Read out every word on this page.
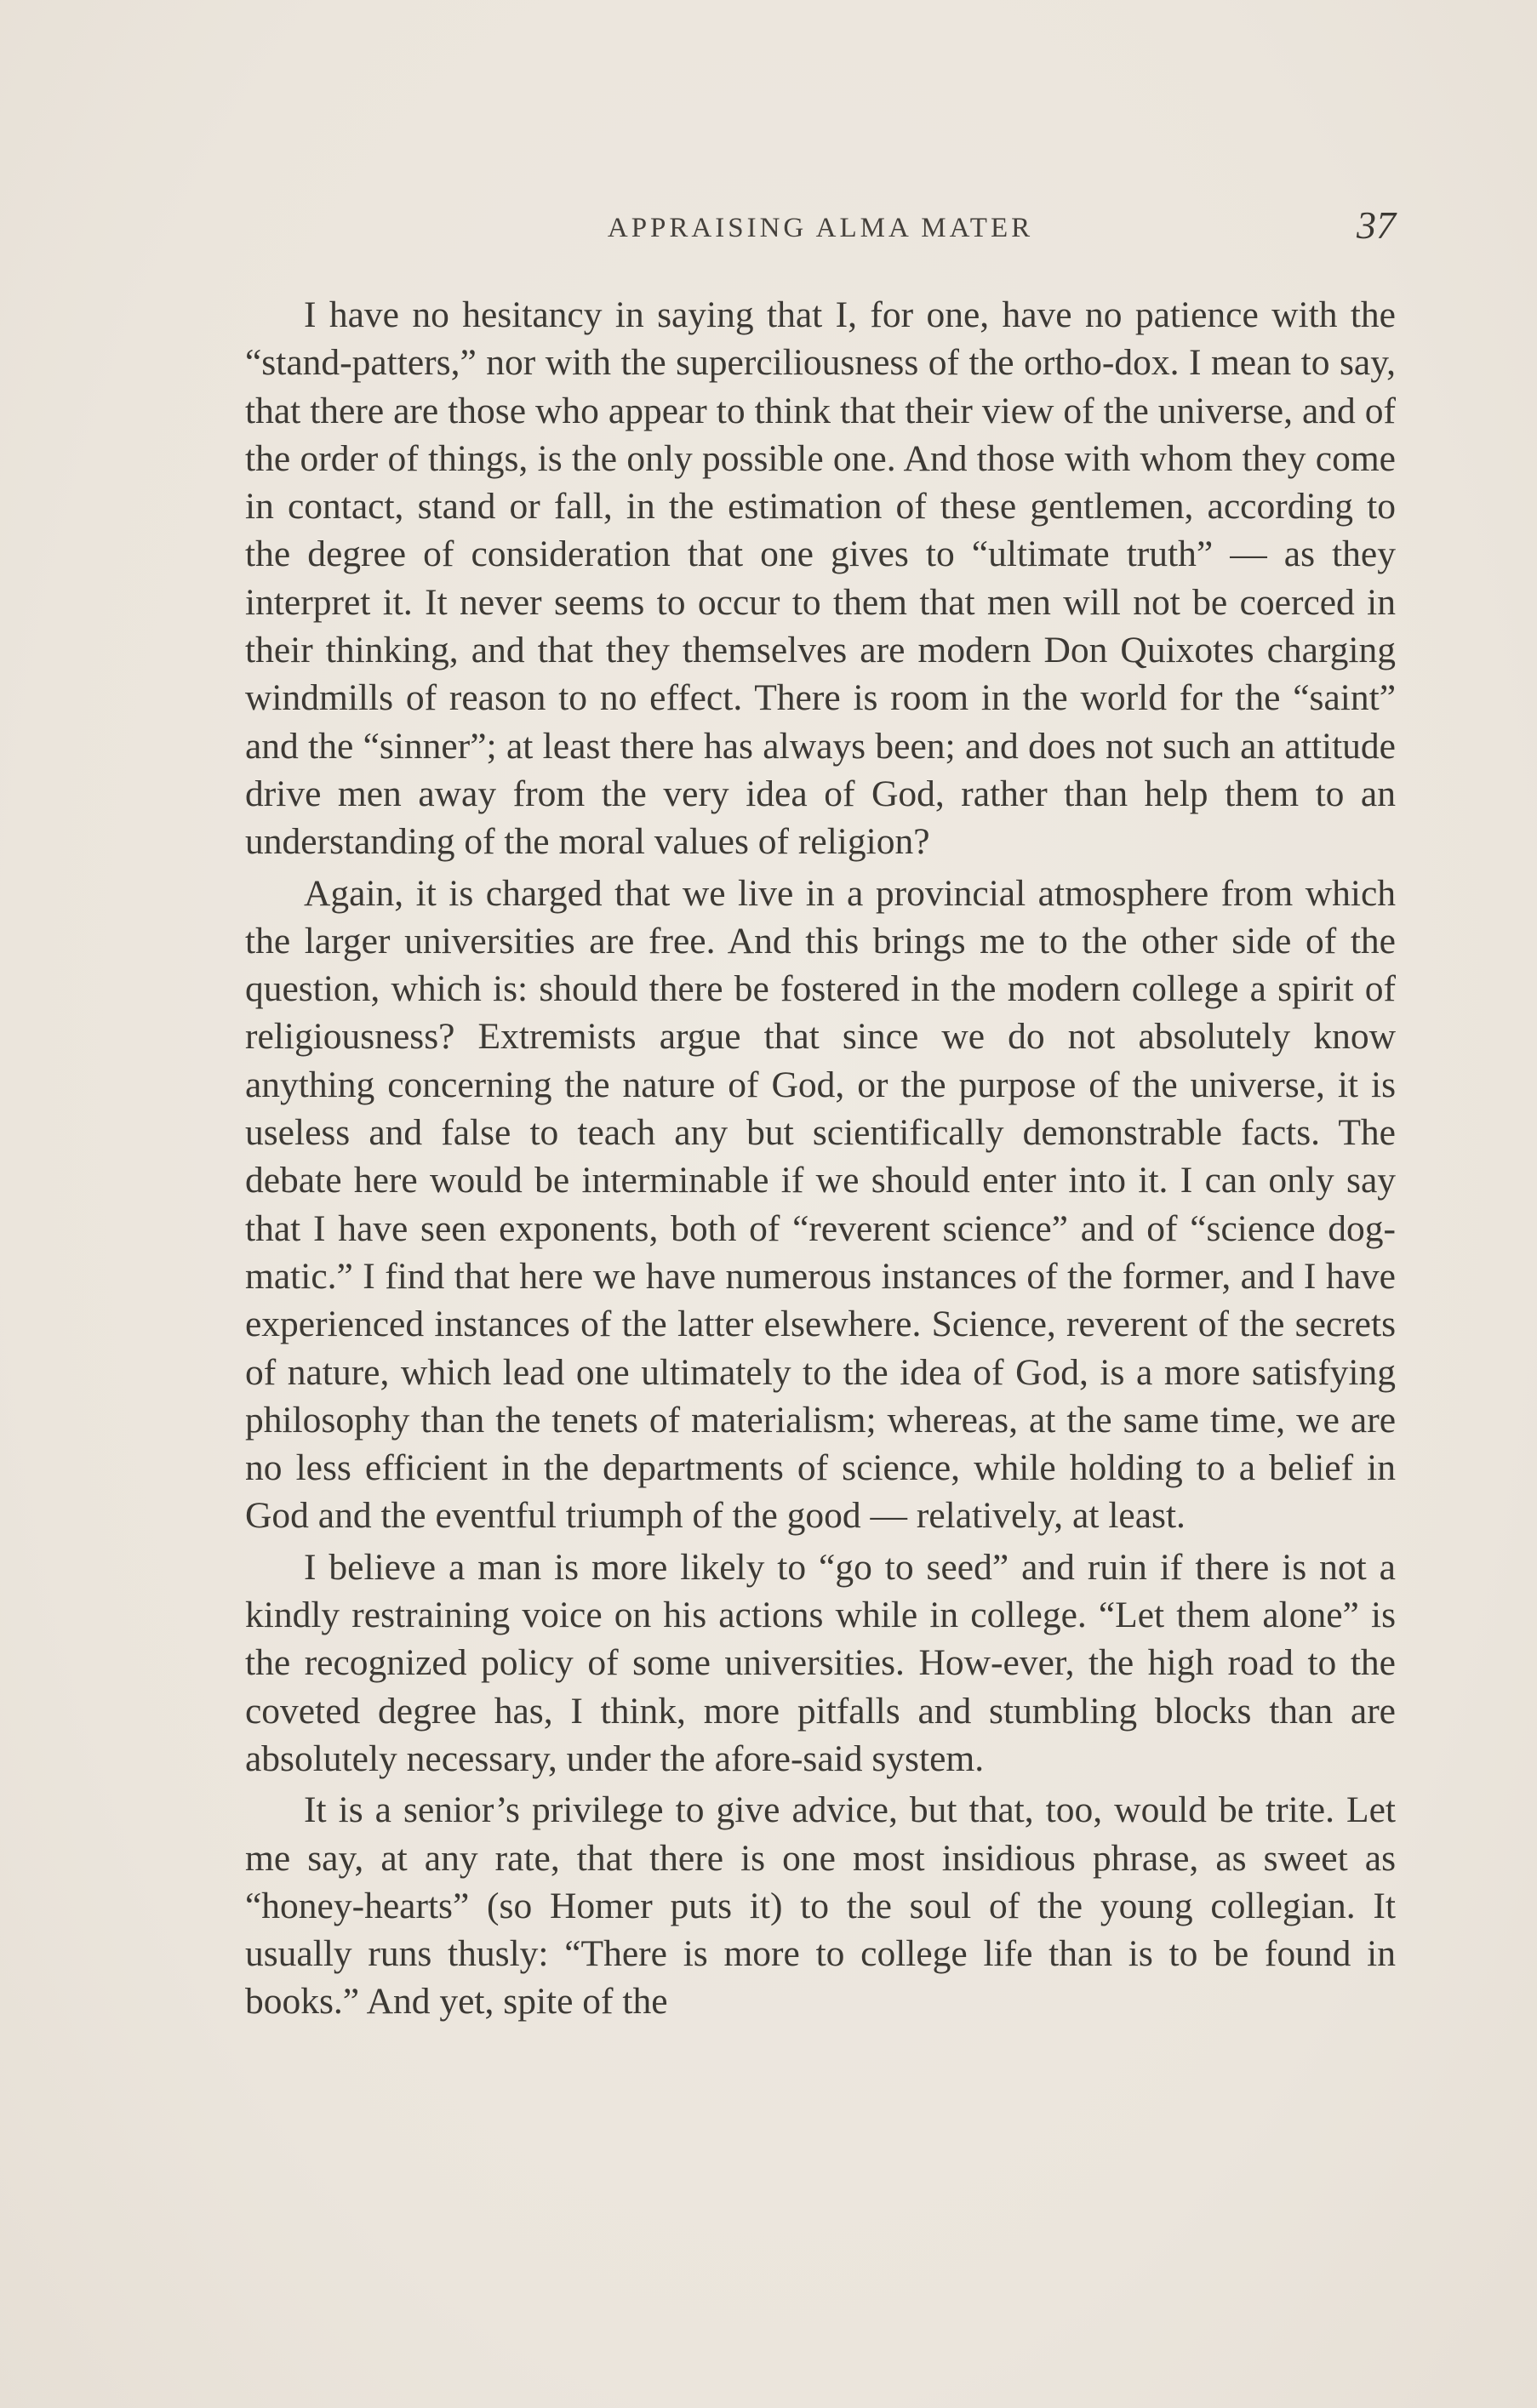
APPRAISING ALMA MATER	37

I have no hesitancy in saying that I, for one, have no patience with the “stand-patters,” nor with the superciliousness of the ortho-dox. I mean to say, that there are those who appear to think that their view of the universe, and of the order of things, is the only possible one. And those with whom they come in contact, stand or fall, in the estimation of these gentlemen, according to the degree of consideration that one gives to “ultimate truth” — as they interpret it. It never seems to occur to them that men will not be coerced in their thinking, and that they themselves are modern Don Quixotes charging windmills of reason to no effect. There is room in the world for the “saint” and the “sinner”; at least there has always been; and does not such an attitude drive men away from the very idea of God, rather than help them to an understanding of the moral values of religion?

Again, it is charged that we live in a provincial atmosphere from which the larger universities are free. And this brings me to the other side of the question, which is: should there be fostered in the modern college a spirit of religiousness? Extremists argue that since we do not absolutely know anything concerning the nature of God, or the purpose of the universe, it is useless and false to teach any but scientifically demonstrable facts. The debate here would be interminable if we should enter into it. I can only say that I have seen exponents, both of “reverent science” and of “science dog-matic.” I find that here we have numerous instances of the former, and I have experienced instances of the latter elsewhere. Science, reverent of the secrets of nature, which lead one ultimately to the idea of God, is a more satisfying philosophy than the tenets of materialism; whereas, at the same time, we are no less efficient in the departments of science, while holding to a belief in God and the eventful triumph of the good — relatively, at least.

I believe a man is more likely to “go to seed” and ruin if there is not a kindly restraining voice on his actions while in college. “Let them alone” is the recognized policy of some universities. How-ever, the high road to the coveted degree has, I think, more pitfalls and stumbling blocks than are absolutely necessary, under the afore-said system.

It is a senior’s privilege to give advice, but that, too, would be trite. Let me say, at any rate, that there is one most insidious phrase, as sweet as “honey-hearts” (so Homer puts it) to the soul of the young collegian. It usually runs thusly: “There is more to college life than is to be found in books.” And yet, spite of the
